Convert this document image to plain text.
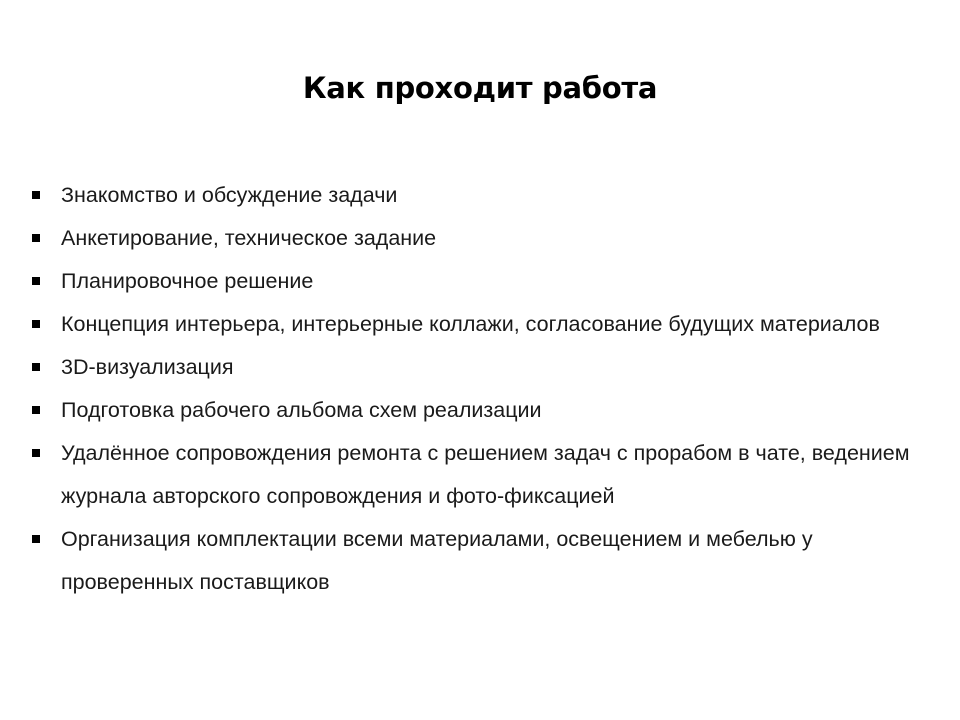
Как проходит работа
Знакомство и обсуждение задачи
Анкетирование, техническое задание
Планировочное решение
Концепция интерьера, интерьерные коллажи, согласование будущих материалов
3D-визуализация
Подготовка рабочего альбома схем реализации
Удалённое сопровождения ремонта с решением задач с прорабом в чате, ведением журнала авторского сопровождения и фото-фиксацией
Организация комплектации всеми материалами, освещением и мебелью у проверенных поставщиков
